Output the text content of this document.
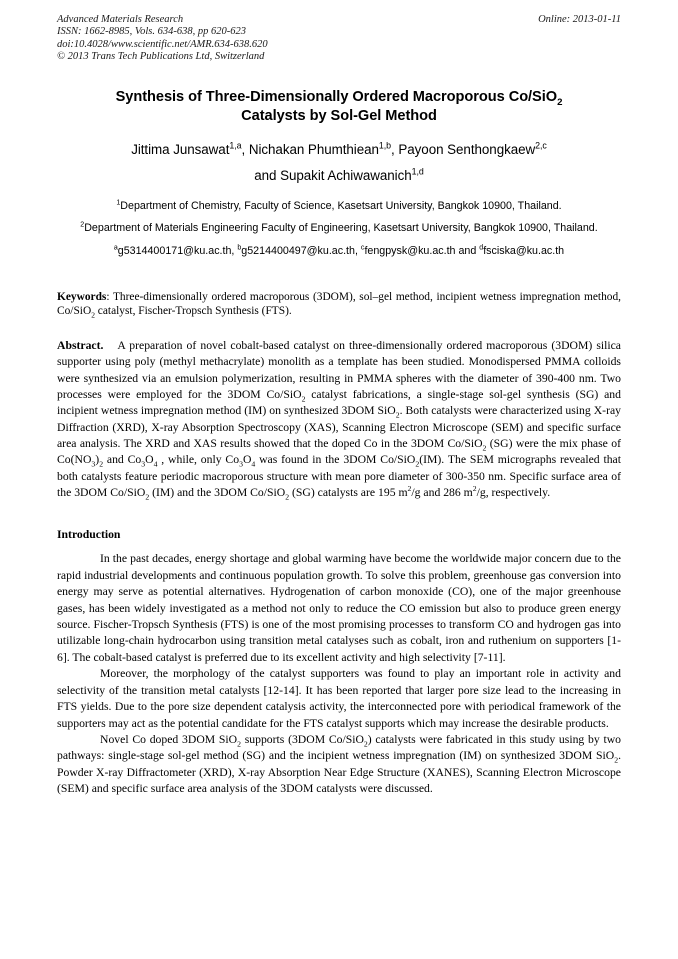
Advanced Materials Research
ISSN: 1662-8985, Vols. 634-638, pp 620-623
doi:10.4028/www.scientific.net/AMR.634-638.620
© 2013 Trans Tech Publications Ltd, Switzerland
Online: 2013-01-11
Synthesis of Three-Dimensionally Ordered Macroporous Co/SiO$_2$
Catalysts by Sol-Gel Method
Jittima Junsawat$^{1,a}$, Nichakan Phumthiean$^{1,b}$, Payoon Senthongkaew$^{2,c}$
and Supakit Achiwawanich$^{1,d}$

$^1$Department of Chemistry, Faculty of Science, Kasetsart University, Bangkok 10900, Thailand.

$^2$Department of Materials Engineering Faculty of Engineering, Kasetsart University, Bangkok 10900, Thailand.

$^a$g5314400171@ku.ac.th, $^b$g5214400497@ku.ac.th, $^c$fengpysk@ku.ac.th and $^d$fsciska@ku.ac.th

Keywords: Three-dimensionally ordered macroporous (3DOM), sol–gel method, incipient wetness impregnation method, Co/SiO$_2$ catalyst, Fischer-Tropsch Synthesis (FTS).

Abstract. A preparation of novel cobalt-based catalyst on three-dimensionally ordered macroporous (3DOM) silica supporter using poly (methyl methacrylate) monolith as a template has been studied. Monodispersed PMMA colloids were synthesized via an emulsion polymerization, resulting in PMMA spheres with the diameter of 390-400 nm. Two processes were employed for the 3DOM Co/SiO$_2$ catalyst fabrications, a single-stage sol-gel synthesis (SG) and incipient wetness impregnation method (IM) on synthesized 3DOM SiO$_2$. Both catalysts were characterized using X-ray Diffraction (XRD), X-ray Absorption Spectroscopy (XAS), Scanning Electron Microscope (SEM) and specific surface area analysis. The XRD and XAS results showed that the doped Co in the 3DOM Co/SiO$_2$ (SG) were the mix phase of $Co(NO_3)_2$ and $Co_3O_4$ , while, only $Co_3O_4$ was found in the 3DOM Co/SiO$_2$(IM). The SEM micrographs revealed that both catalysts feature periodic macroporous structure with mean pore diameter of 300-350 nm. Specific surface area of the 3DOM Co/SiO$_2$ (IM) and the 3DOM Co/SiO$_2$ (SG) catalysts are 195 $m^2/g$ and 286 $m^2/g$, respectively.

Introduction

In the past decades, energy shortage and global warming have become the worldwide major concern due to the rapid industrial developments and continuous population growth. To solve this problem, greenhouse gas conversion into energy may serve as potential alternatives. Hydrogenation of carbon monoxide (CO), one of the major greenhouse gases, has been widely investigated as a method not only to reduce the CO emission but also to produce green energy source. Fischer-Tropsch Synthesis (FTS) is one of the most promising processes to transform CO and hydrogen gas into utilizable long-chain hydrocarbon using transition metal catalyses such as cobalt, iron and ruthenium on supporters [1-6]. The cobalt-based catalyst is preferred due to its excellent activity and high selectivity [7-11].

Moreover, the morphology of the catalyst supporters was found to play an important role in activity and selectivity of the transition metal catalysts [12-14]. It has been reported that larger pore size lead to the increasing in FTS yields. Due to the pore size dependent catalysis activity, the interconnected pore with periodical framework of the supporters may act as the potential candidate for the FTS catalyst supports which may increase the desirable products.

Novel Co doped 3DOM SiO$_2$ supports (3DOM Co/SiO$_2$) catalysts were fabricated in this study using by two pathways: single-stage sol-gel method (SG) and the incipient wetness impregnation (IM) on synthesized 3DOM SiO$_2$. Powder X-ray Diffractometer (XRD), X-ray Absorption Near Edge Structure (XANES), Scanning Electron Microscope (SEM) and specific surface area analysis of the 3DOM catalysts were discussed.
